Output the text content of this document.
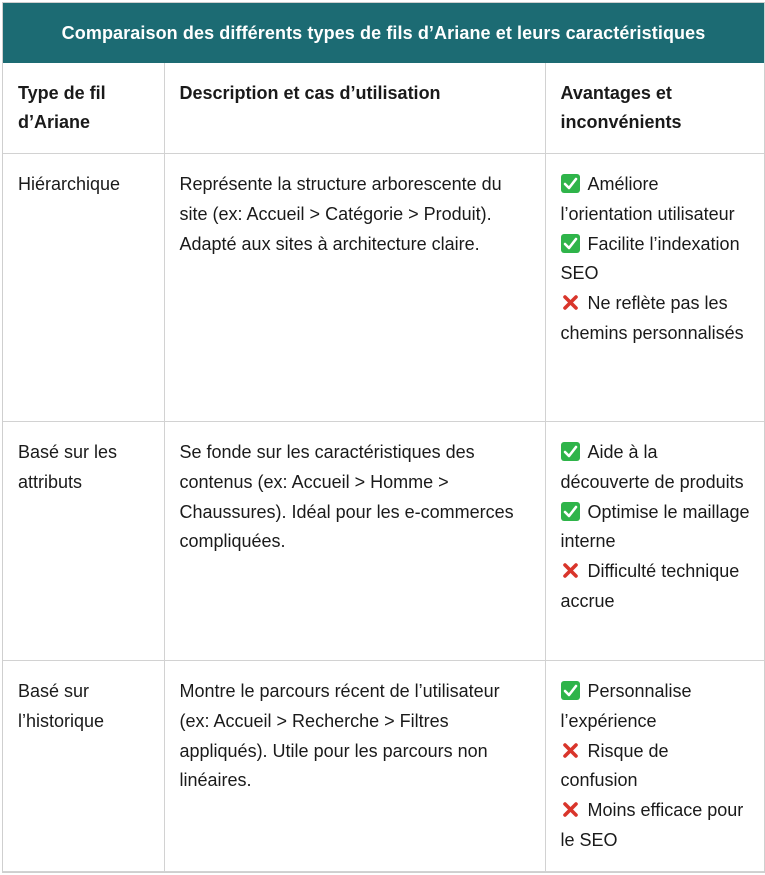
Comparaison des différents types de fils d’Ariane et leurs caractéristiques
Type de fil d’Ariane	Description et cas d’utilisation	Avantages et inconvénients
Hiérarchique	Représente la structure arborescente du site (ex: Accueil > Catégorie > Produit). Adapté aux sites à architecture claire.	Améliore l’orientation utilisateur
Facilite l’indexation SEO
Ne reflète pas les chemins personnalisés

Basé sur les attributs	Se fonde sur les caractéristiques des contenus (ex: Accueil > Homme > Chaussures). Idéal pour les e-commerces compliquées.	Aide à la découverte de produits
Optimise le maillage interne
Difficulté technique accrue

Basé sur l’historique	Montre le parcours récent de l’utilisateur (ex: Accueil > Recherche > Filtres appliqués). Utile pour les parcours non linéaires.	Personnalise l’expérience
Risque de confusion
Moins efficace pour le SEO
